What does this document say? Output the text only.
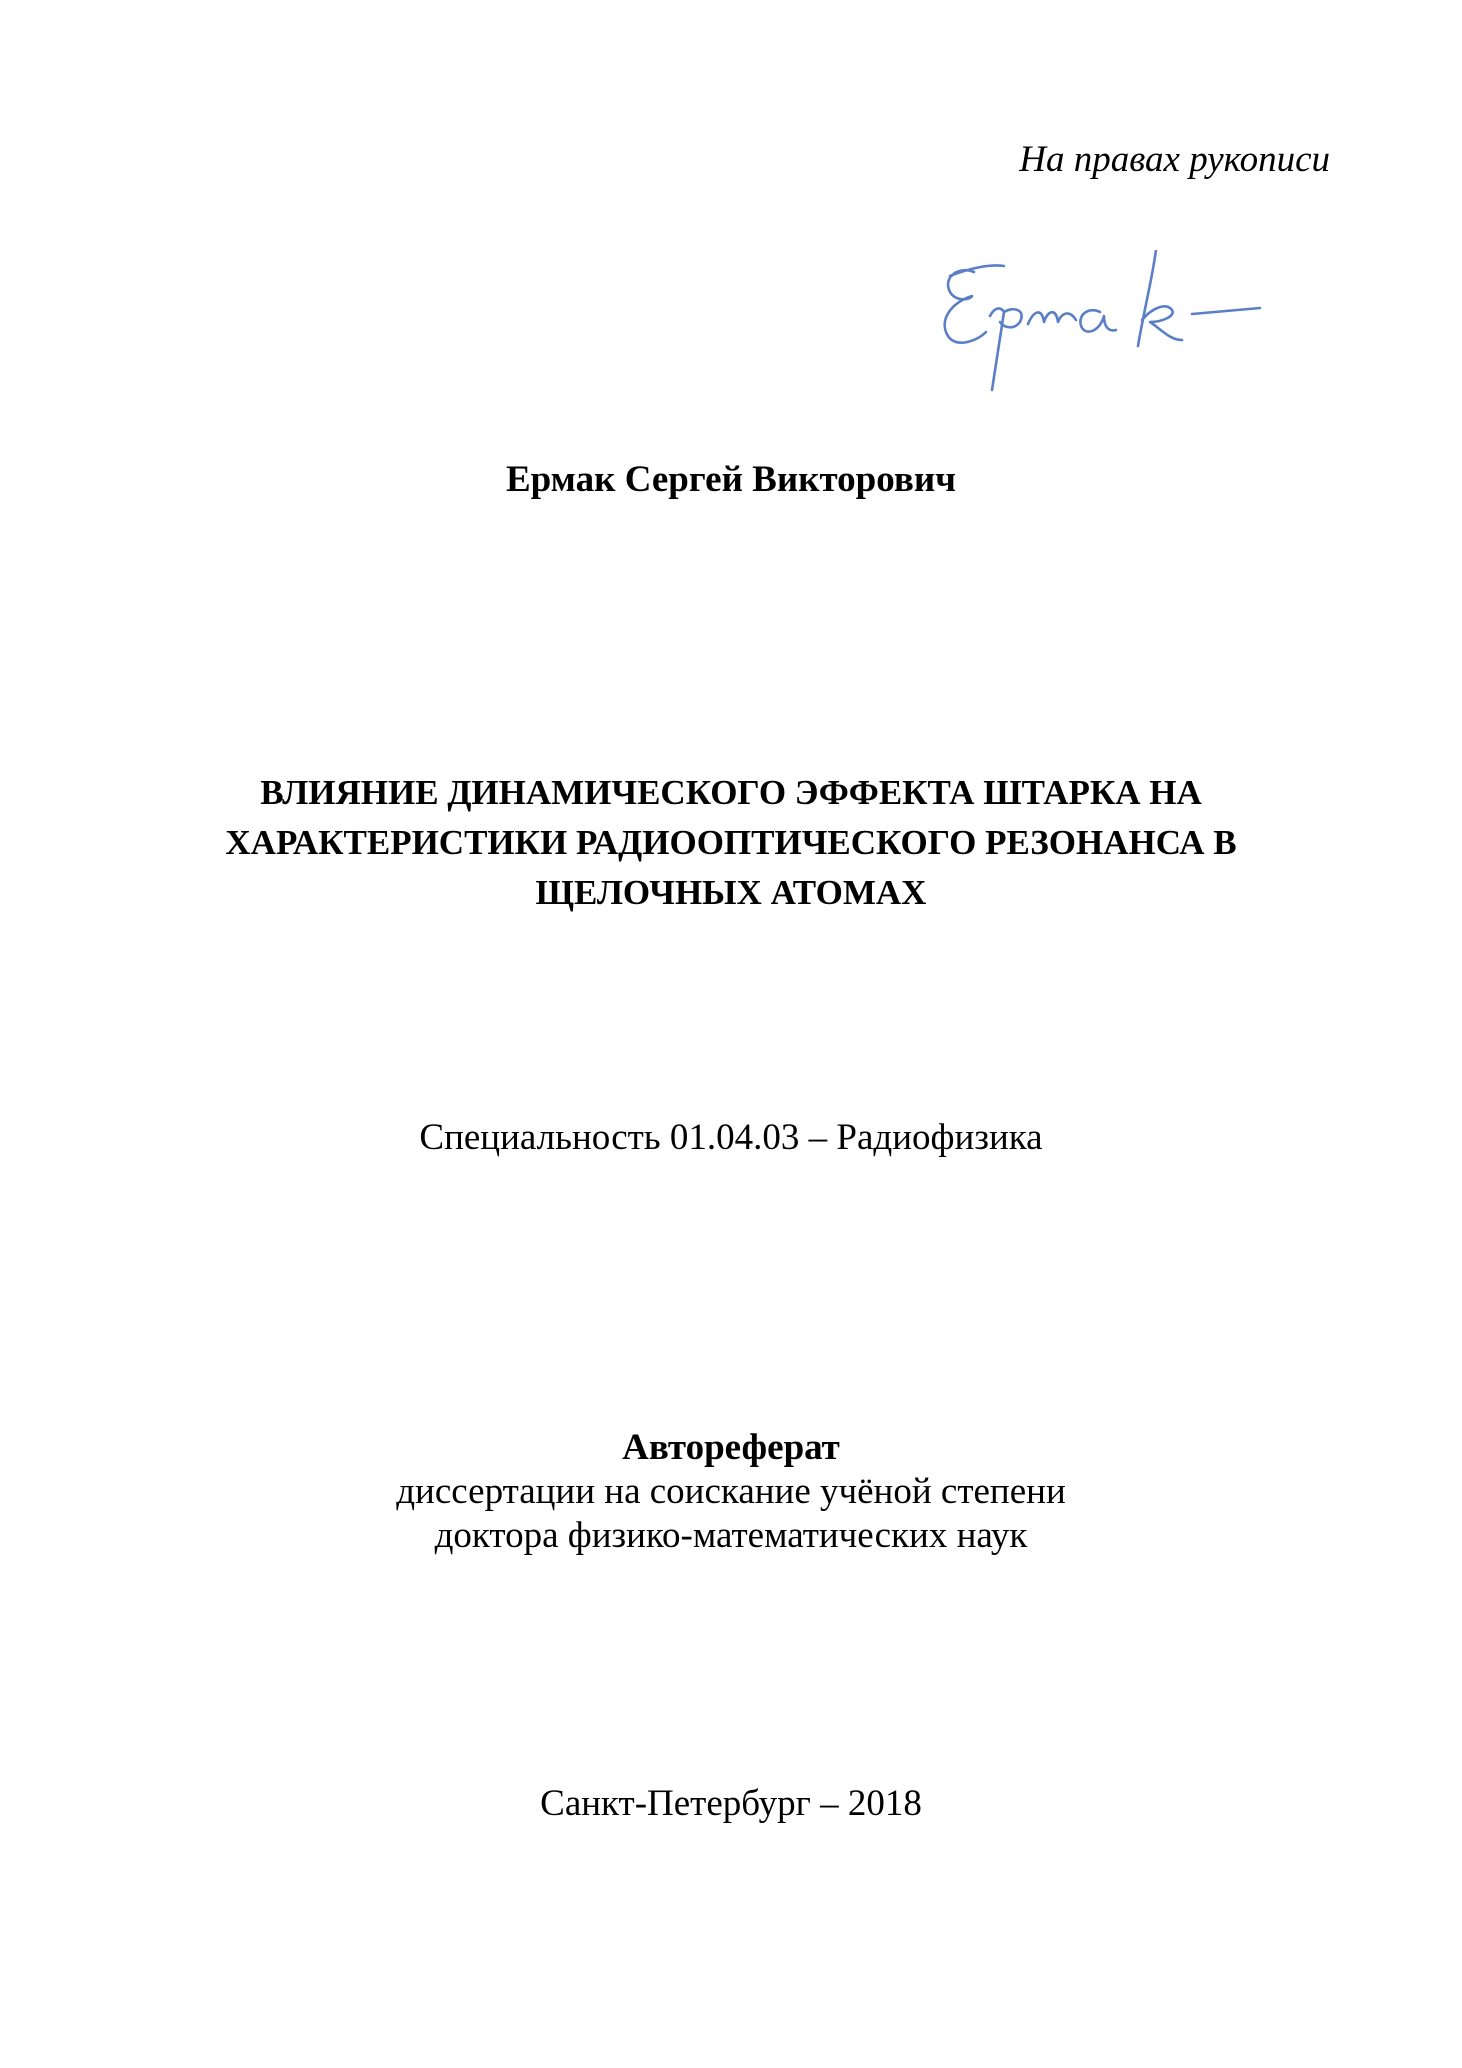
На правах рукописи
Ермак Сергей Викторович
ВЛИЯНИЕ ДИНАМИЧЕСКОГО ЭФФЕКТА ШТАРКА НА
ХАРАКТЕРИСТИКИ РАДИООПТИЧЕСКОГО РЕЗОНАНСА В
ЩЕЛОЧНЫХ АТОМАХ
Специальность 01.04.03 – Радиофизика
Автореферат
диссертации на соискание учёной степени
доктора физико-математических наук
Санкт-Петербург – 2018
